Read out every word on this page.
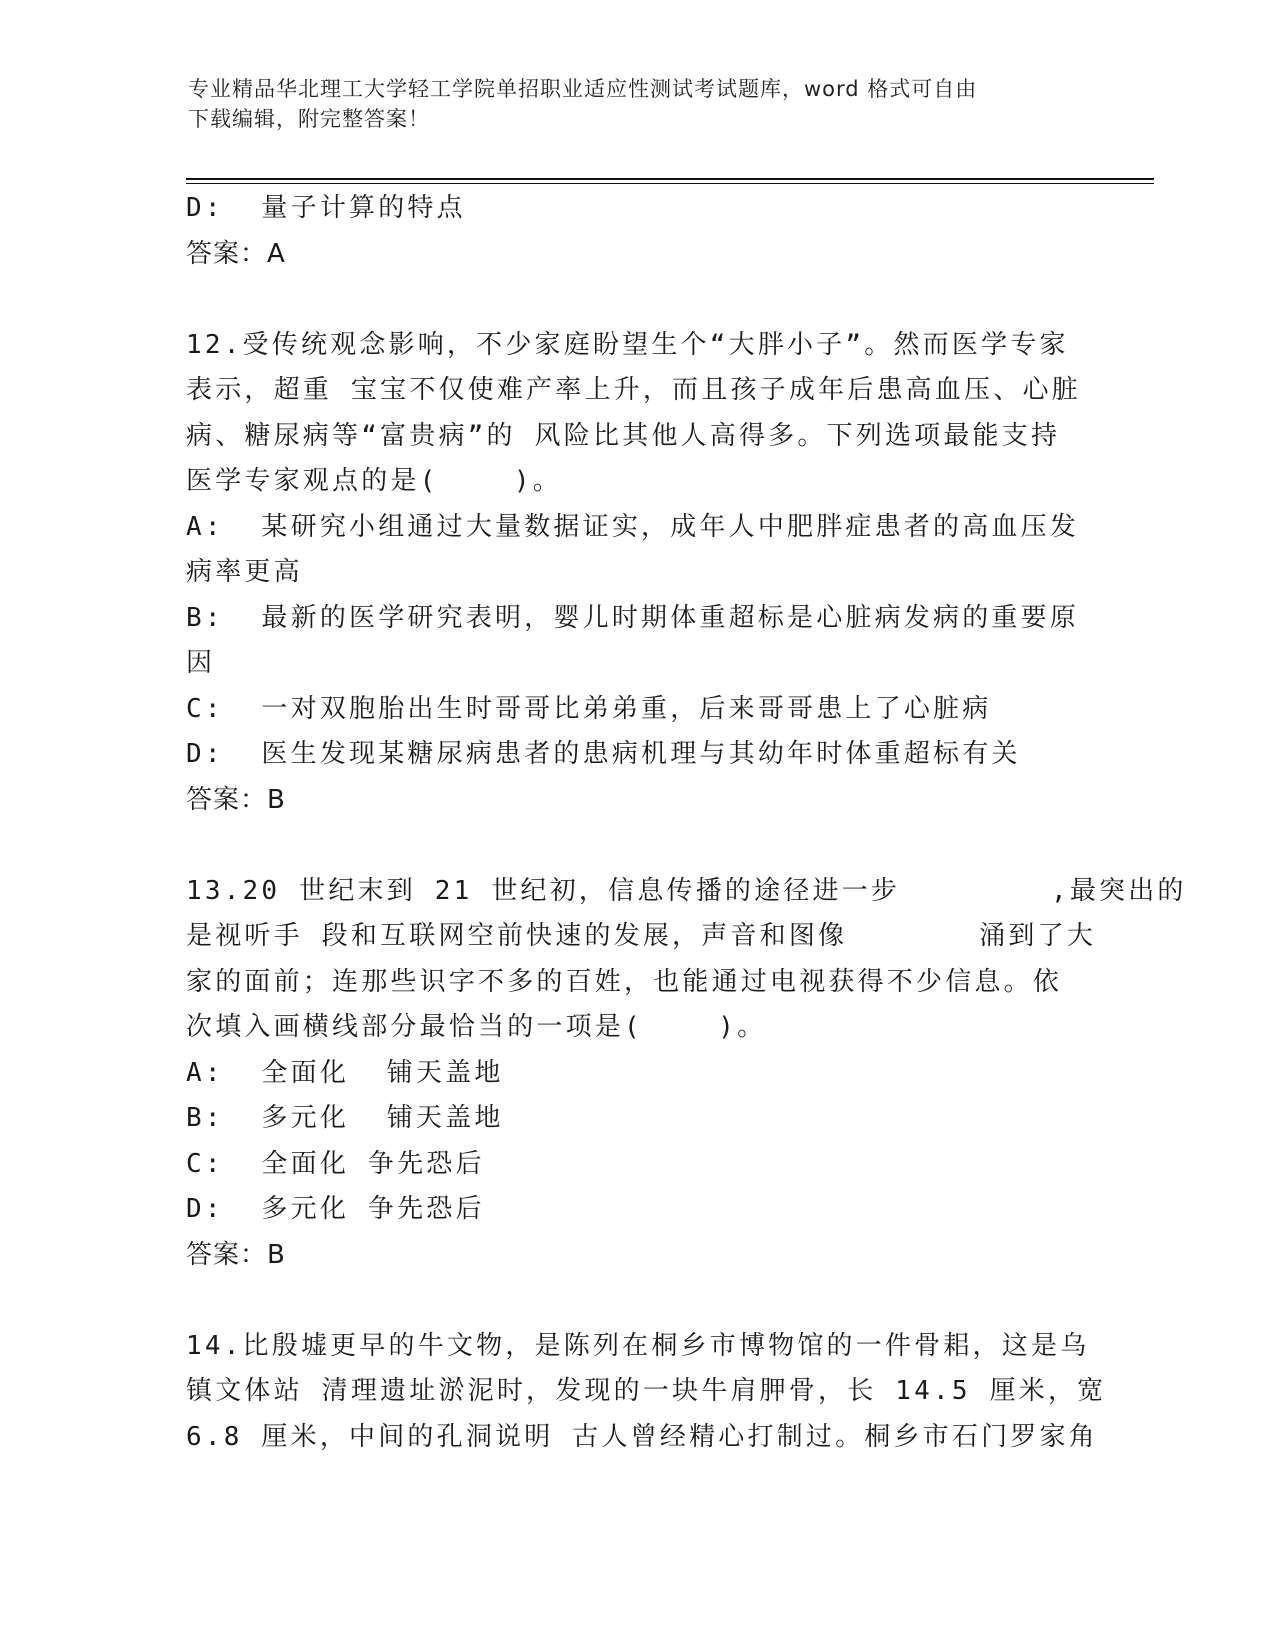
专业精品华北理工大学轻工学院单招职业适应性测试考试题库，word 格式可自由
下载编辑，附完整答案！
D:  量子计算的特点
答案：A
12.受传统观念影响，不少家庭盼望生个“大胖小子”。然而医学专家
表示，超重 宝宝不仅使难产率上升，而且孩子成年后患高血压、心脏
病、糖尿病等“富贵病”的 风险比其他人高得多。下列选项最能支持
医学专家观点的是(    )。
A:  某研究小组通过大量数据证实，成年人中肥胖症患者的高血压发
病率更高
B:  最新的医学研究表明，婴儿时期体重超标是心脏病发病的重要原
因
C:  一对双胞胎出生时哥哥比弟弟重，后来哥哥患上了心脏病
D:  医生发现某糖尿病患者的患病机理与其幼年时体重超标有关
答案：B
13.20 世纪末到 21 世纪初，信息传播的途径进一步        ,最突出的
是视听手 段和互联网空前快速的发展，声音和图像       涌到了大
家的面前；连那些识字不多的百姓，也能通过电视获得不少信息。依
次填入画横线部分最恰当的一项是(    )。
A:  全面化  铺天盖地
B:  多元化  铺天盖地
C:  全面化 争先恐后
D:  多元化 争先恐后
答案：B
14.比殷墟更早的牛文物，是陈列在桐乡市博物馆的一件骨耜，这是乌
镇文体站 清理遗址淤泥时，发现的一块牛肩胛骨，长 14.5 厘米，宽
6.8 厘米，中间的孔洞说明 古人曾经精心打制过。桐乡市石门罗家角
